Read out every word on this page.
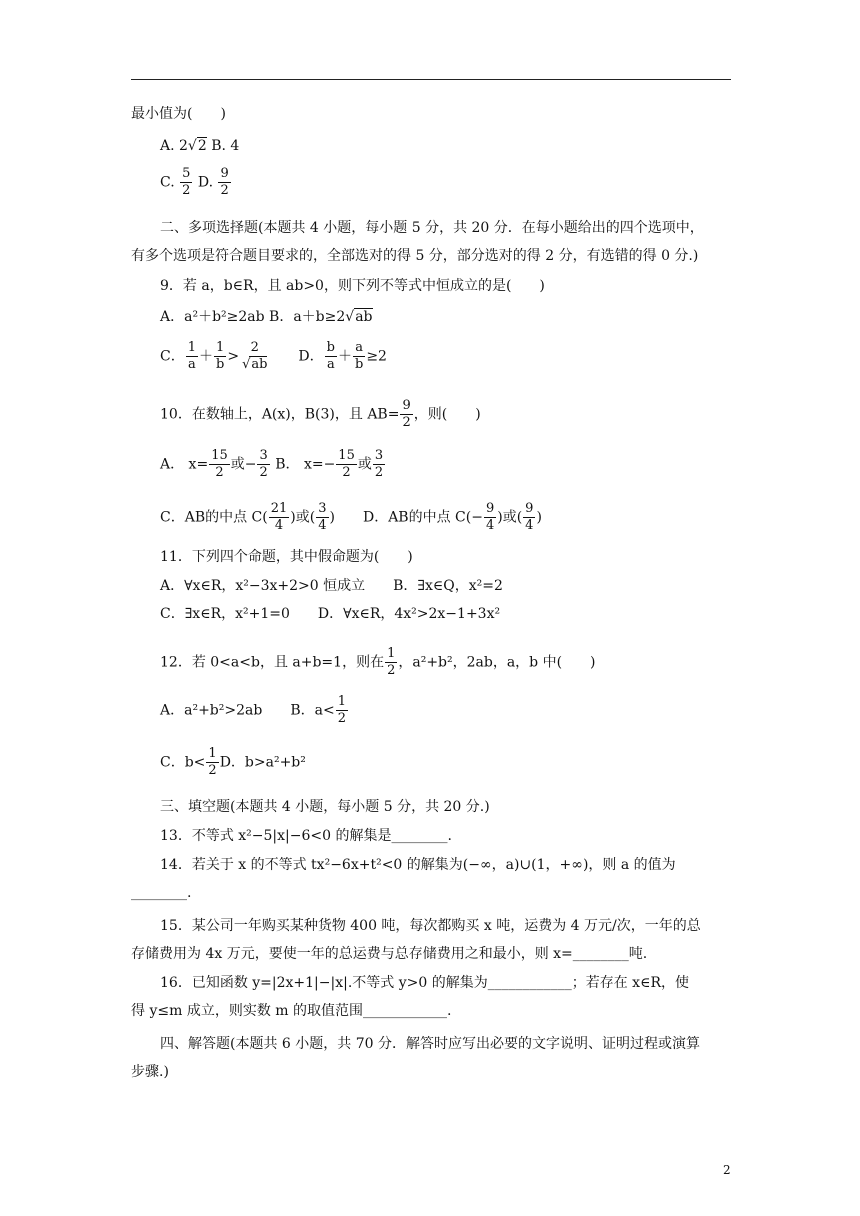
最小值为(　　)
A. 2√2 B. 4
C. $\frac{5}{2} D$. $\frac{9}{2}$
二、多项选择题(本题共 4 小题，每小题 5 分，共 20 分．在每小题给出的四个选项中，
有多个选项是符合题目要求的，全部选对的得 5 分，部分选对的得 2 分，有选错的得 0 分.)
9．若 a，b∈R，且 ab>0，则下列不等式中恒成立的是(　　)
A．a²＋b²≥2ab B．a＋b≥2√ab
C． $\frac{1}{a} + \frac{1}{b} > \frac{2}{√ab}$ 　　D． $\frac{b}{a} + \frac{a}{b} \ge 2$
10．在数轴上，A(x)，B(3)，且 $AB= \frac{9}{2}$ ，则(　　)
A． $x= \frac{15}{2}$ 或− $\frac{3}{2}$ B． $x=- \frac{15}{2}$ 或 $\frac{3}{2}$
C．AB的中点 $C( \frac{21}{4}$ )或( $\frac{3}{4}$ )　　D．AB的中点 $C(- \frac{9}{4}$ )或( $\frac{9}{4}$ )
11．下列四个命题，其中假命题为(　　)
A．∀x∈R，x²−3x+2>0 恒成立　　B．∃x∈Q，x²=2
C．∃x∈R，x²+1=0　　D．∀x∈R，4x²>2x−1+3x²
12．若 0<a<b，且 a+b=1，则在 $\frac{1}{2}$ ，a²+b²，2ab，a，b 中(　　)
A．a²+b²>2ab　　B．$a< \frac{1}{2}$
C．$b< \frac{1}{2}$ D．b>a²+b²
三、填空题(本题共 4 小题，每小题 5 分，共 20 分.)
13．不等式 x²−5|x|−6<0 的解集是________.
14．若关于 x 的不等式 tx²−6x+t²<0 的解集为(−∞，a)∪(1，+∞)，则 a 的值为
________.
15．某公司一年购买某种货物 400 吨，每次都购买 x 吨，运费为 4 万元/次，一年的总
存储费用为 4x 万元，要使一年的总运费与总存储费用之和最小，则 x=________吨.
16．已知函数 y=|2x+1|−|x|.不等式 y>0 的解集为____________；若存在 x∈R，使
得 y≤m 成立，则实数 m 的取值范围____________.
四、解答题(本题共 6 小题，共 70 分．解答时应写出必要的文字说明、证明过程或演算
步骤.)
2
